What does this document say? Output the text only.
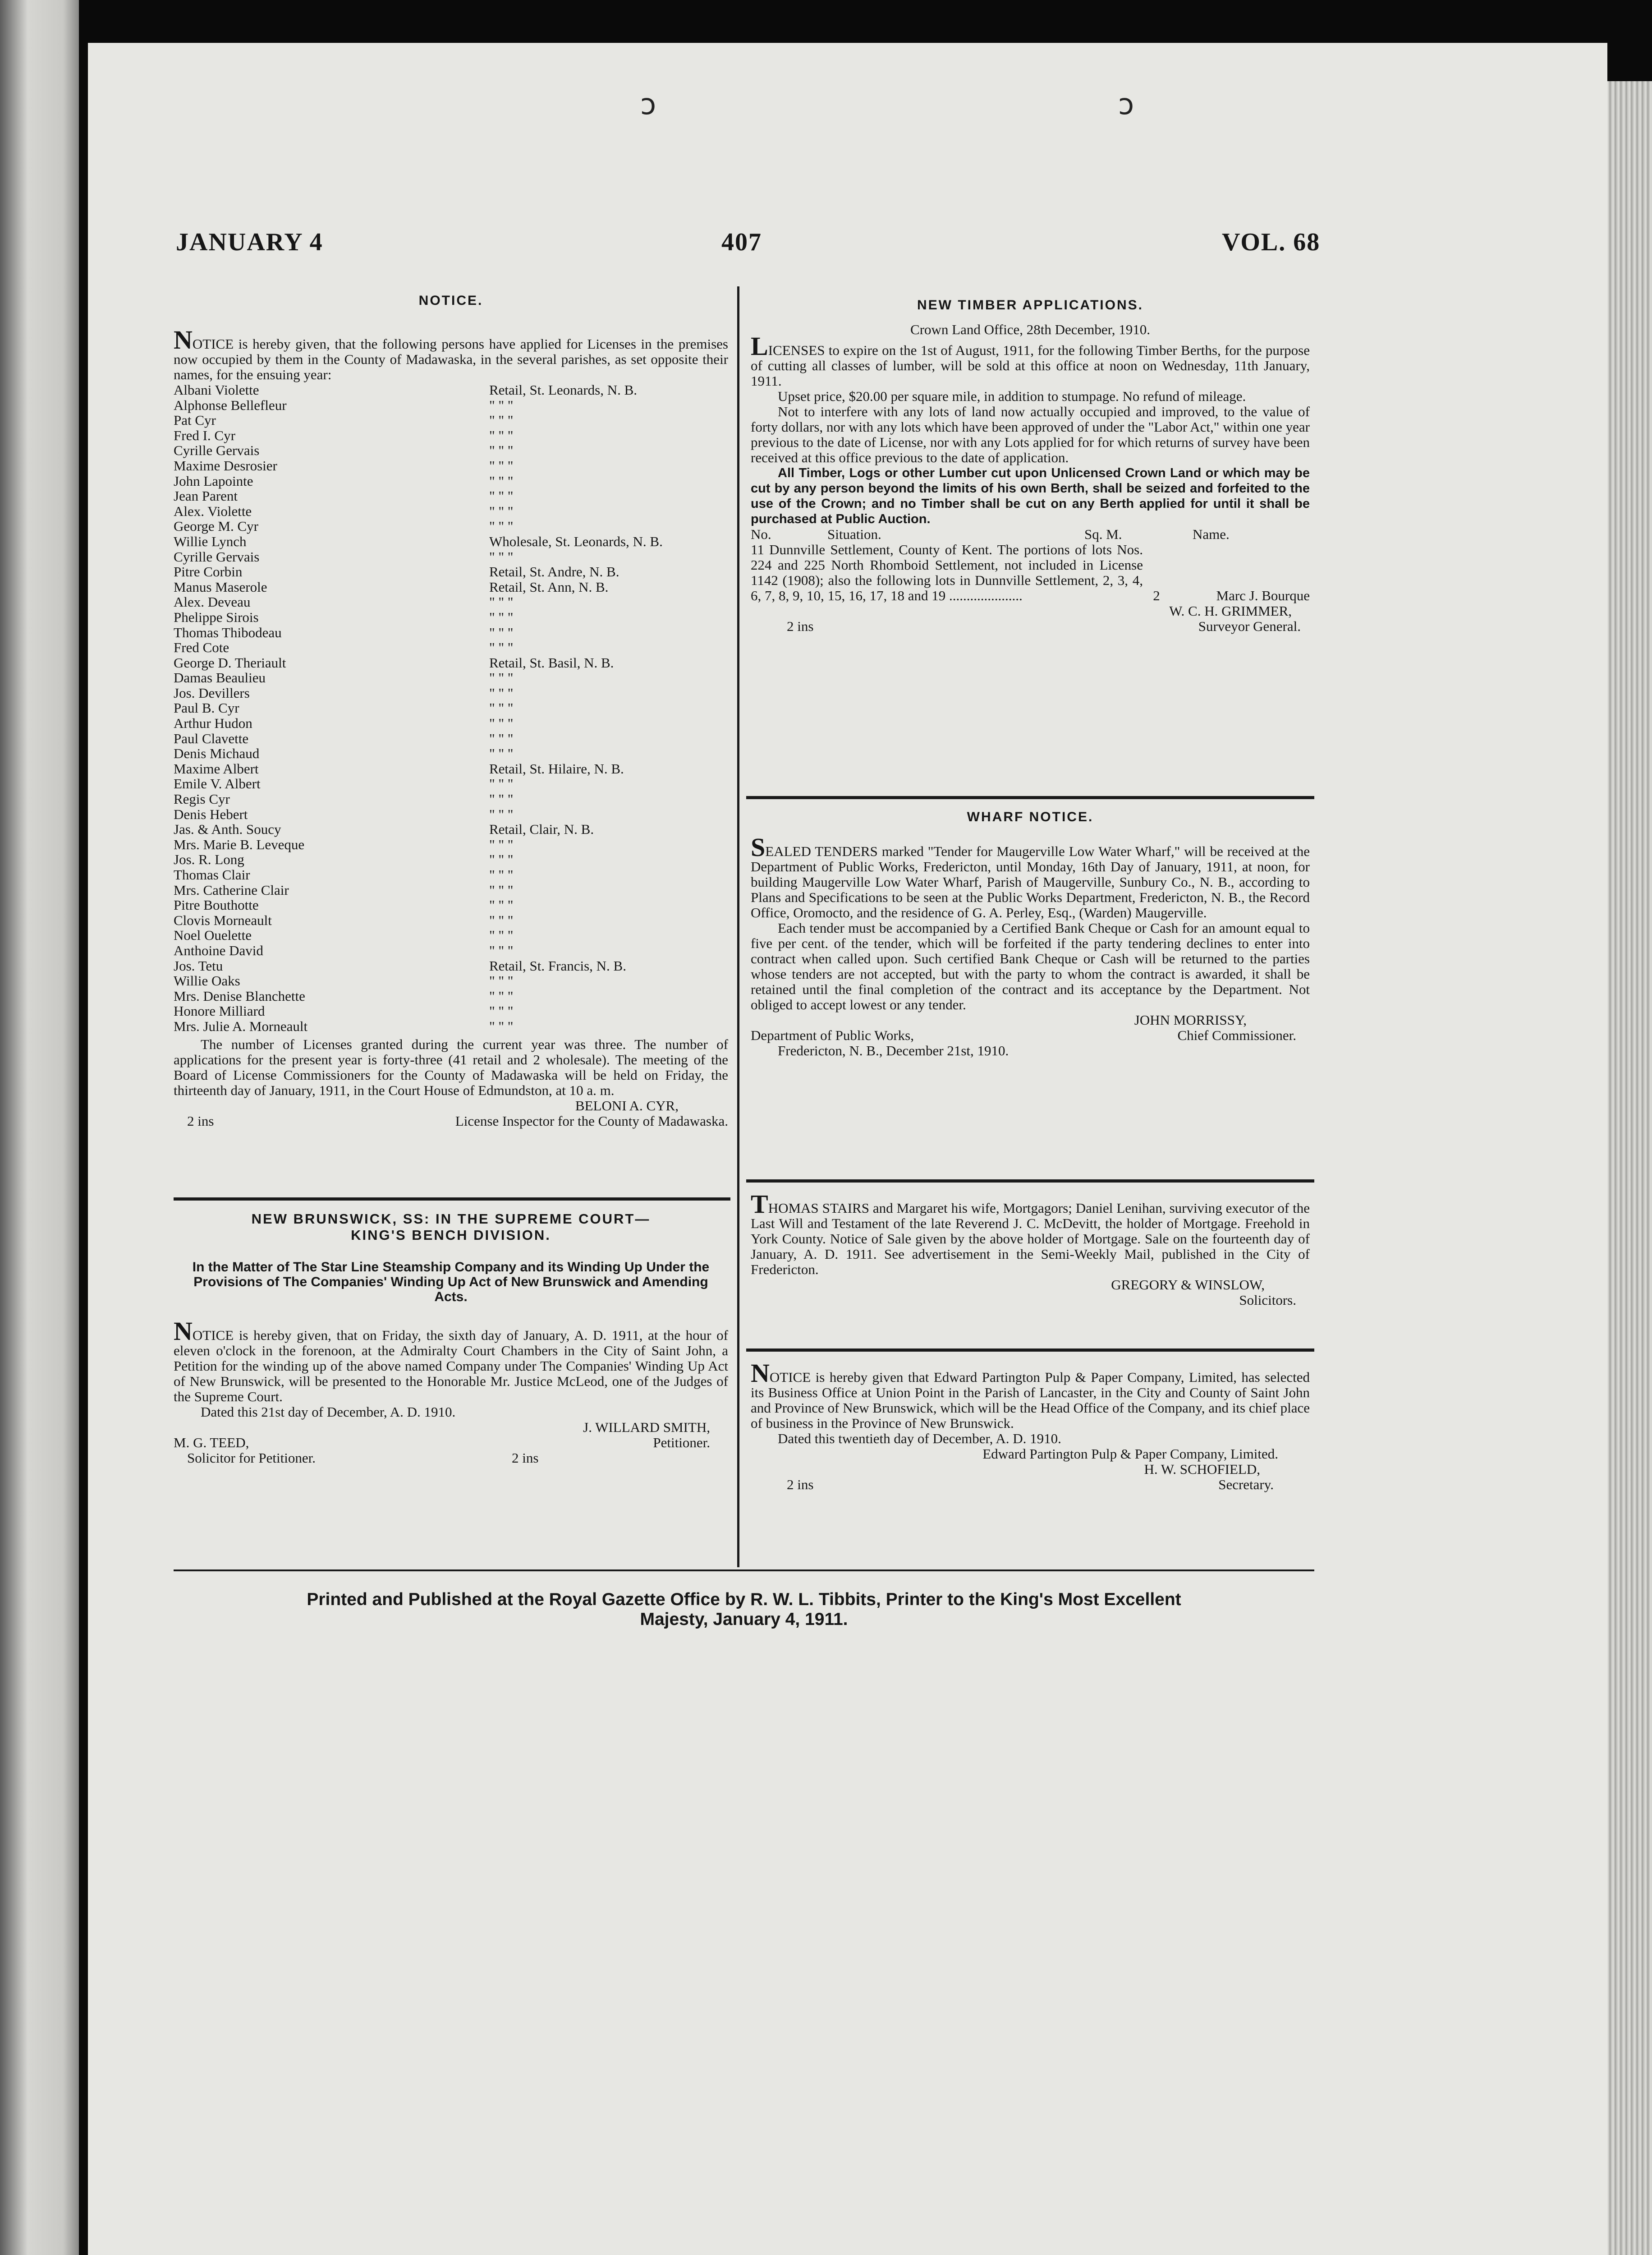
ↄ	ↄ
JANUARY 4	407	VOL. 68
NOTICE.

NOTICE is hereby given, that the following persons have applied for Licenses in the premises now occupied by them in the County of Madawaska, in the several parishes, as set opposite their names, for the ensuing year:

Albani Violette	Retail, St. Leonards, N. B.
Alphonse Bellefleur	" " "
Pat Cyr	" " "
Fred I. Cyr	" " "
Cyrille Gervais	" " "
Maxime Desrosier	" " "
John Lapointe	" " "
Jean Parent	" " "
Alex. Violette	" " "
George M. Cyr	" " "
Willie Lynch	Wholesale, St. Leonards, N. B.
Cyrille Gervais	" " "
Pitre Corbin	Retail, St. Andre, N. B.
Manus Maserole	Retail, St. Ann, N. B.
Alex. Deveau	" " "
Phelippe Sirois	" " "
Thomas Thibodeau	" " "
Fred Cote	" " "
George D. Theriault	Retail, St. Basil, N. B.
Damas Beaulieu	" " "
Jos. Devillers	" " "
Paul B. Cyr	" " "
Arthur Hudon	" " "
Paul Clavette	" " "
Denis Michaud	" " "
Maxime Albert	Retail, St. Hilaire, N. B.
Emile V. Albert	" " "
Regis Cyr	" " "
Denis Hebert	" " "
Jas. & Anth. Soucy	Retail, Clair, N. B.
Mrs. Marie B. Leveque	" " "
Jos. R. Long	" " "
Thomas Clair	" " "
Mrs. Catherine Clair	" " "
Pitre Bouthotte	" " "
Clovis Morneault	" " "
Noel Ouelette	" " "
Anthoine David	" " "
Jos. Tetu	Retail, St. Francis, N. B.
Willie Oaks	" " "
Mrs. Denise Blanchette	" " "
Honore Milliard	" " "
Mrs. Julie A. Morneault	" " "
The number of Licenses granted during the current year was three. The number of applications for the present year is forty-three (41 retail and 2 wholesale). The meeting of the Board of License Commissioners for the County of Madawaska will be held on Friday, the thirteenth day of January, 1911, in the Court House of Edmundston, at 10 a. m.
BELONI A. CYR,
2 ins	License Inspector for the County of Madawaska.
NEW BRUNSWICK, SS: IN THE SUPREME COURT—
KING'S BENCH DIVISION.
In the Matter of The Star Line Steamship Company and its Winding Up Under the Provisions of The Companies' Winding Up Act of New Brunswick and Amending Acts.

NOTICE is hereby given, that on Friday, the sixth day of January, A. D. 1911, at the hour of eleven o'clock in the forenoon, at the Admiralty Court Chambers in the City of Saint John, a Petition for the winding up of the above named Company under The Companies' Winding Up Act of New Brunswick, will be presented to the Honorable Mr. Justice McLeod, one of the Judges of the Supreme Court.

Dated this 21st day of December, A. D. 1910.
J. WILLARD SMITH,
M. G. TEED,	Petitioner.
Solicitor for Petitioner.	2 ins
NEW TIMBER APPLICATIONS.
Crown Land Office, 28th December, 1910.

LICENSES to expire on the 1st of August, 1911, for the following Timber Berths, for the purpose of cutting all classes of lumber, will be sold at this office at noon on Wednesday, 11th January, 1911.

Upset price, $20.00 per square mile, in addition to stumpage. No refund of mileage.
Not to interfere with any lots of land now actually occupied and improved, to the value of forty dollars, nor with any lots which have been approved of under the "Labor Act," within one year previous to the date of License, nor with any Lots applied for for which returns of survey have been received at this office previous to the date of application.
All Timber, Logs or other Lumber cut upon Unlicensed Crown Land or which may be cut by any person beyond the limits of his own Berth, shall be seized and forfeited to the use of the Crown; and no Timber shall be cut on any Berth applied for until it shall be purchased at Public Auction.
No.	Situation.	Sq. M.	Name.
11 Dunnville Settlement, County of Kent. The portions of lots Nos. 224 and 225 North Rhomboid Settlement, not included in License 1142 (1908); also the following lots in Dunnville Settlement, 2, 3, 4, 6, 7, 8, 9, 10, 15, 16, 17, 18 and 19 .....................	2	Marc J. Bourque
W. C. H. GRIMMER,
2 ins	Surveyor General.
WHARF NOTICE.

SEALED TENDERS marked "Tender for Maugerville Low Water Wharf," will be received at the Department of Public Works, Fredericton, until Monday, 16th Day of January, 1911, at noon, for building Maugerville Low Water Wharf, Parish of Maugerville, Sunbury Co., N. B., according to Plans and Specifications to be seen at the Public Works Department, Fredericton, N. B., the Record Office, Oromocto, and the residence of G. A. Perley, Esq., (Warden) Maugerville.

Each tender must be accompanied by a Certified Bank Cheque or Cash for an amount equal to five per cent. of the tender, which will be forfeited if the party tendering declines to enter into contract when called upon. Such certified Bank Cheque or Cash will be returned to the parties whose tenders are not accepted, but with the party to whom the contract is awarded, it shall be retained until the final completion of the contract and its acceptance by the Department. Not obliged to accept lowest or any tender.
JOHN MORRISSY,
Department of Public Works,	Chief Commissioner.
Fredericton, N. B., December 21st, 1910.

THOMAS STAIRS and Margaret his wife, Mortgagors; Daniel Lenihan, surviving executor of the Last Will and Testament of the late Reverend J. C. McDevitt, the holder of Mortgage. Freehold in York County. Notice of Sale given by the above holder of Mortgage. Sale on the fourteenth day of January, A. D. 1911. See advertisement in the Semi-Weekly Mail, published in the City of Fredericton.

GREGORY & WINSLOW,
Solicitors.

NOTICE is hereby given that Edward Partington Pulp & Paper Company, Limited, has selected its Business Office at Union Point in the Parish of Lancaster, in the City and County of Saint John and Province of New Brunswick, which will be the Head Office of the Company, and its chief place of business in the Province of New Brunswick.

Dated this twentieth day of December, A. D. 1910.
Edward Partington Pulp & Paper Company, Limited.
H. W. SCHOFIELD,
2 ins	Secretary.
Printed and Published at the Royal Gazette Office by R. W. L. Tibbits, Printer to the King's Most Excellent
Majesty, January 4, 1911.
